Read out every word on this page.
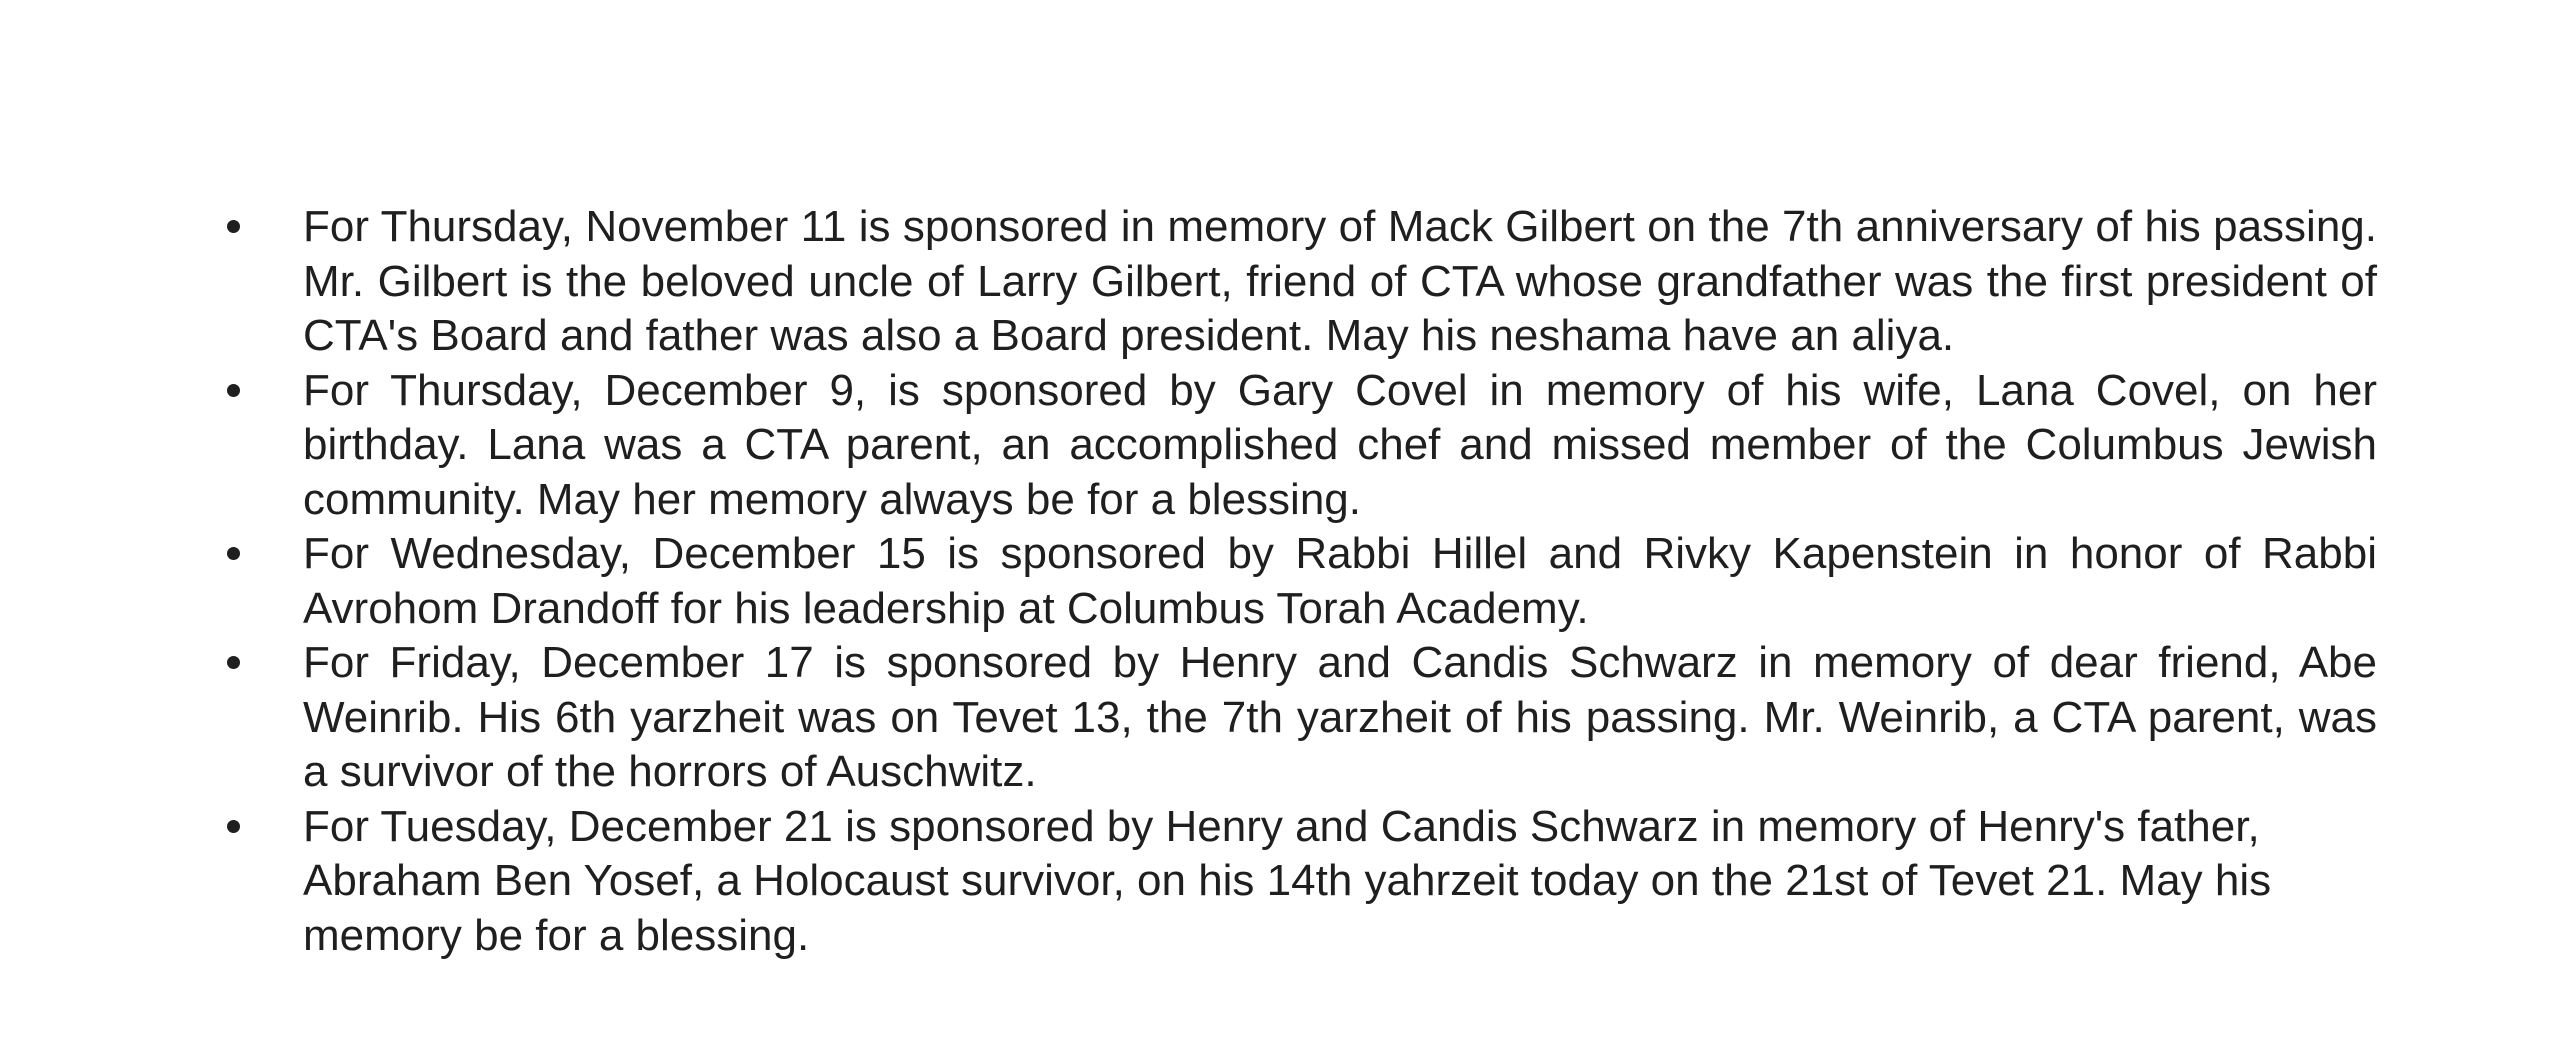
For Thursday, November 11 is sponsored in memory of Mack Gilbert on the 7th anniversary of his passing. Mr. Gilbert is the beloved uncle of Larry Gilbert, friend of CTA whose grandfather was the first president of CTA's Board and father was also a Board president. May his neshama have an aliya.
For Thursday, December 9, is sponsored by Gary Covel in memory of his wife, Lana Covel, on her birthday. Lana was a CTA parent, an accomplished chef and missed member of the Columbus Jewish community. May her memory always be for a blessing.
For Wednesday, December 15 is sponsored by Rabbi Hillel and Rivky Kapenstein in honor of Rabbi Avrohom Drandoff for his leadership at Columbus Torah Academy.
For Friday, December 17 is sponsored by Henry and Candis Schwarz in memory of dear friend, Abe Weinrib. His 6th yarzheit was on Tevet 13, the 7th yarzheit of his passing. Mr. Weinrib, a CTA parent, was a survivor of the horrors of Auschwitz.
For Tuesday, December 21 is sponsored by Henry and Candis Schwarz in memory of Henry's father, Abraham Ben Yosef, a Holocaust survivor, on his 14th yahrzeit today on the 21st of Tevet 21. May his memory be for a blessing.
